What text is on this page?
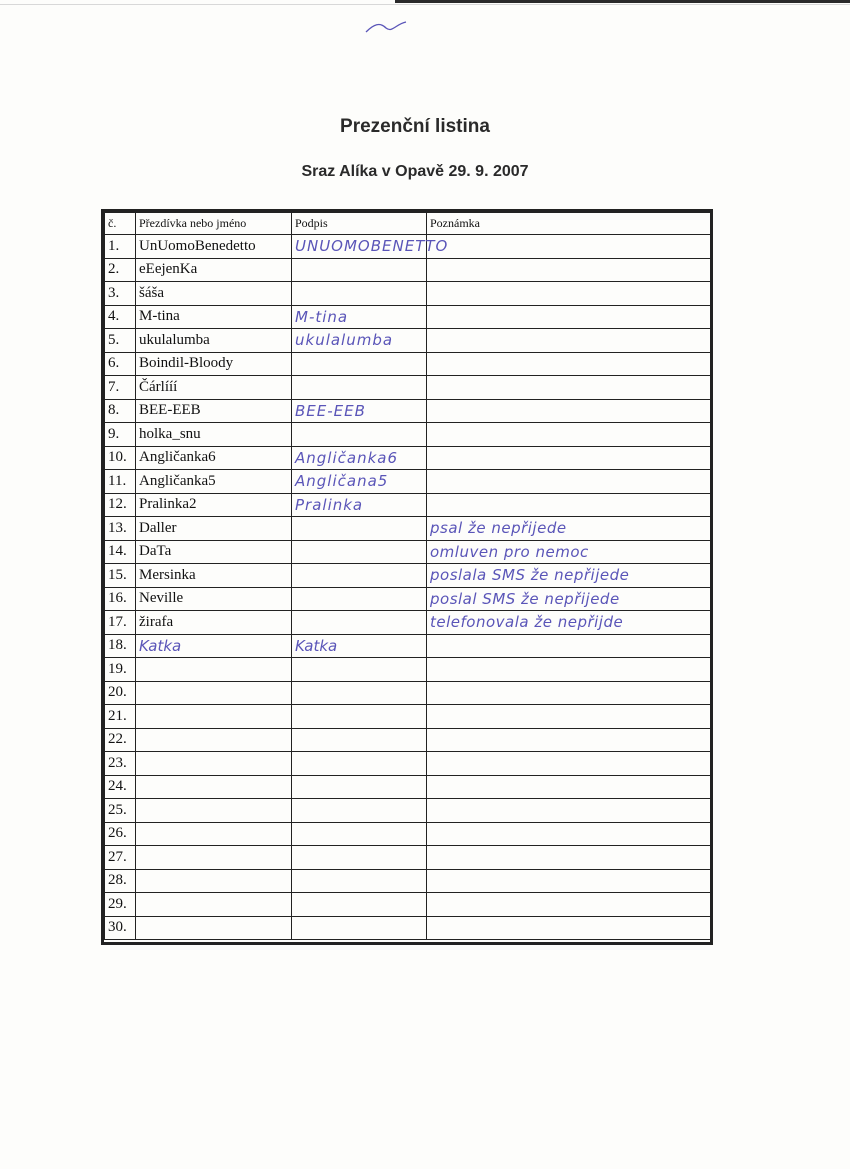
Prezenční listina
Sraz Alíka v Opavě 29. 9. 2007
č.	Přezdívka nebo jméno	Podpis	Poznámka
1.	UnUomoBenedetto	UNUOMOBENETTO	
2.	eEejenKa		
3.	šáša		
4.	M-tina	M-tina	
5.	ukulalumba	ukulalumba	
6.	Boindil-Bloody		
7.	Čárlííí		
8.	BEE-EEB	BEE-EEB	
9.	holka_snu		
10.	Angličanka6	Angličanka6	
11.	Angličanka5	Angličana5	
12.	Pralinka2	Pralinka	
13.	Daller		psal že nepřijede
14.	DaTa		omluven pro nemoc
15.	Mersinka		poslala SMS že nepřijede
16.	Neville		poslal SMS že nepřijede
17.	žirafa		telefonovala že nepřijde
18.	Katka	Katka	
19.			
20.			
21.			
22.			
23.			
24.			
25.			
26.			
27.			
28.			
29.			
30.			
